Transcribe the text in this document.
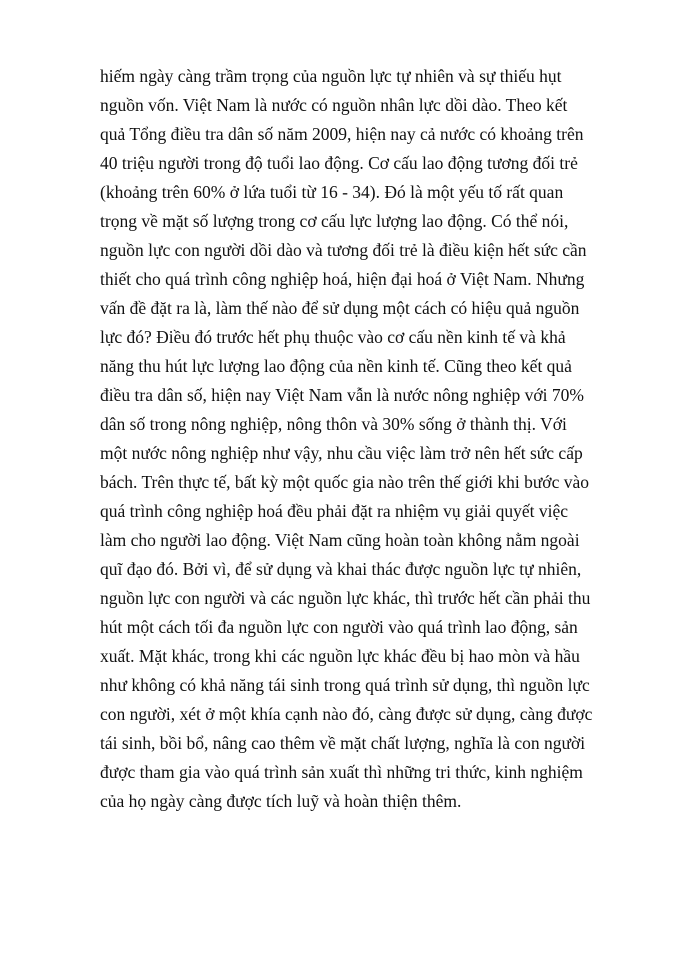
hiếm ngày càng trầm trọng của nguồn lực tự nhiên và sự thiếu hụt
nguồn vốn. Việt Nam là nước có nguồn nhân lực dồi dào. Theo kết
quả Tổng điều tra dân số năm 2009, hiện nay cả nước có khoảng trên
40 triệu người trong độ tuổi lao động. Cơ cấu lao động tương đối trẻ
(khoảng trên 60% ở lứa tuổi từ 16 - 34). Đó là một yếu tố rất quan
trọng về mặt số lượng trong cơ cấu lực lượng lao động. Có thể nói,
nguồn lực con người dồi dào và tương đối trẻ là điều kiện hết sức cần
thiết cho quá trình công nghiệp hoá, hiện đại hoá ở Việt Nam. Nhưng
vấn đề đặt ra là, làm thế nào để sử dụng một cách có hiệu quả nguồn
lực đó? Điều đó trước hết phụ thuộc vào cơ cấu nền kinh tế và khả
năng thu hút lực lượng lao động của nền kinh tế. Cũng theo kết quả
điều tra dân số, hiện nay Việt Nam vẫn là nước nông nghiệp với 70%
dân số trong nông nghiệp, nông thôn và 30% sống ở thành thị. Với
một nước nông nghiệp như vậy, nhu cầu việc làm trở nên hết sức cấp
bách. Trên thực tế, bất kỳ một quốc gia nào trên thế giới khi bước vào
quá trình công nghiệp hoá đều phải đặt ra nhiệm vụ giải quyết việc
làm cho người lao động. Việt Nam cũng hoàn toàn không nằm ngoài
quĩ đạo đó. Bởi vì, để sử dụng và khai thác được nguồn lực tự nhiên,
nguồn lực con người và các nguồn lực khác, thì trước hết cần phải thu
hút một cách tối đa nguồn lực con người vào quá trình lao động, sản
xuất. Mặt khác, trong khi các nguồn lực khác đều bị hao mòn và hầu
như không có khả năng tái sinh trong quá trình sử dụng, thì nguồn lực
con người, xét ở một khía cạnh nào đó, càng được sử dụng, càng được
tái sinh, bồi bổ, nâng cao thêm về mặt chất lượng, nghĩa là con người
được tham gia vào quá trình sản xuất thì những tri thức, kinh nghiệm
của họ ngày càng được tích luỹ và hoàn thiện thêm.
